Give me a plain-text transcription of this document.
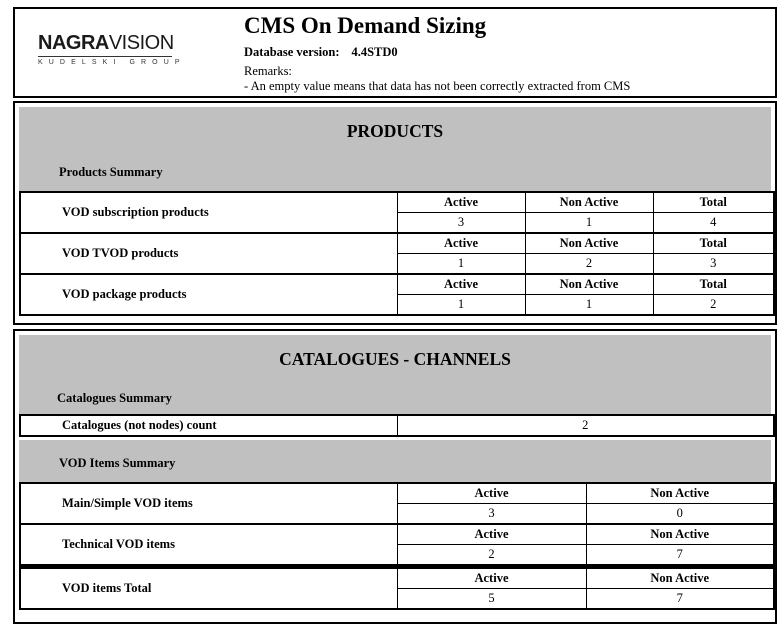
NAGRAVISION
KUDELSKI GROUP
CMS On Demand Sizing
Database version: 4.4STD0
Remarks:
- An empty value means that data has not been correctly extracted from CMS
PRODUCTS
Products Summary
VOD subscription products	Active	Non Active	Total
	3	1	4
VOD TVOD products	Active	Non Active	Total
	1	2	3
VOD package products	Active	Non Active	Total
	1	1	2
CATALOGUES - CHANNELS
Catalogues Summary
Catalogues (not nodes) count	2
VOD Items Summary
Main/Simple VOD items	Active	Non Active
	3	0
Technical VOD items	Active	Non Active
	2	7
VOD items Total	Active	Non Active
	5	7
